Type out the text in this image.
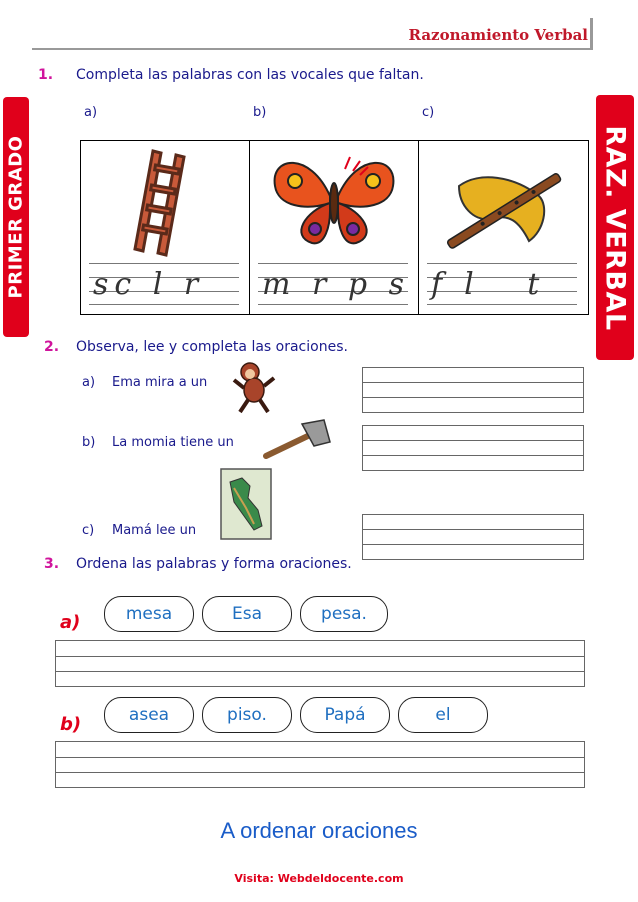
Razonamiento Verbal
PRIMER GRADO	RAZ. VERBAL
1. Completa las palabras con las vocales que faltan.
a)	b)	c)
sc l r m r p s fl t
2. Observa, lee y completa las oraciones.
a) Ema mira a un
b) La momia tiene un
c) Mamá lee un
3. Ordena las palabras y forma oraciones.
a)	mesa	Esa	pesa.
b)	asea	piso.	Papá	el
A ordenar oraciones
Visita: Webdeldocente.com
